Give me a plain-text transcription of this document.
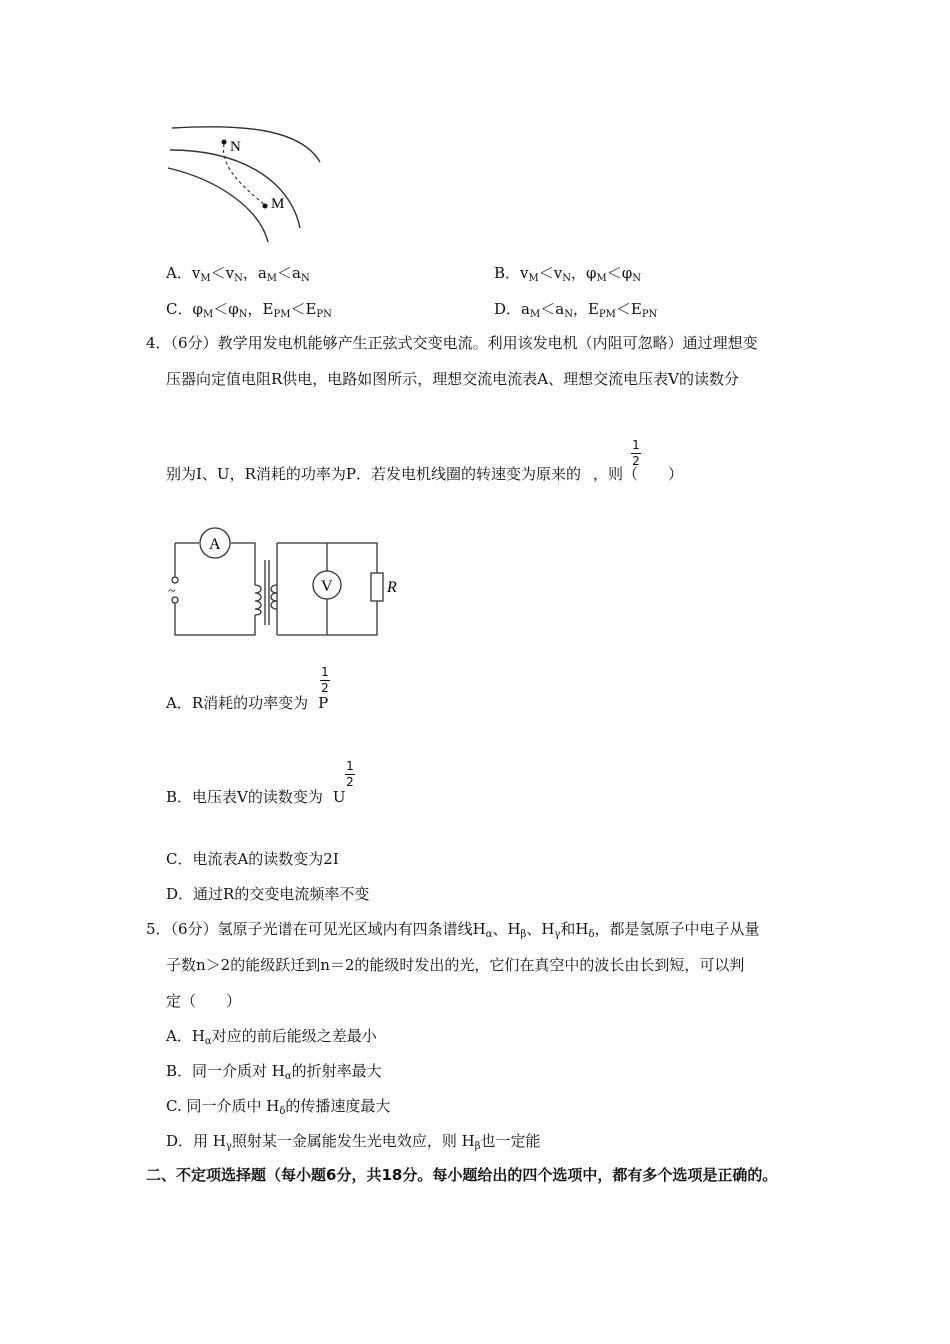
N
M
A．$v_M<v_N$，$a_M<a_N$	B．$v_M<v_N$，$\varphi_M<\varphi_N$
C．$\varphi_M<\varphi_N$，$E_{PM}<E_{PN}$	D．$a_M<a_N$，$E_{PM}<E_{PN}$
4．（6分）教学用发电机能够产生正弦式交变电流。利用该发电机（内阻可忽略）通过理想变
压器向定值电阻R供电，电路如图所示，理想交流电流表A、理想交流电压表V的读数分
别为I、U，R消耗的功率为P．若发电机线圈的转速变为原来的 ，则（　　）
1
2
A
V	R
~
A．R消耗的功率变为 P
1
2
B．电压表V的读数变为 U
1
2
C．电流表A的读数变为2I
D．通过R的交变电流频率不变
5．（6分）氢原子光谱在可见光区域内有四条谱线$H_\alpha$、$H_\beta$、$H_\gamma$和$H_\delta$，都是氢原子中电子从量
子数n＞2的能级跃迁到n＝2的能级时发出的光，它们在真空中的波长由长到短，可以判
定（　　）
A．$H_\alpha$对应的前后能级之差最小
B．同一介质对 $H_\alpha$的折射率最大
C. 同一介质中 $H_\delta$的传播速度最大
D．用 $H_\gamma$照射某一金属能发生光电效应，则 $H_\beta$也一定能
二、不定项选择题（每小题6分，共18分。每小题给出的四个选项中，都有多个选项是正确的。
